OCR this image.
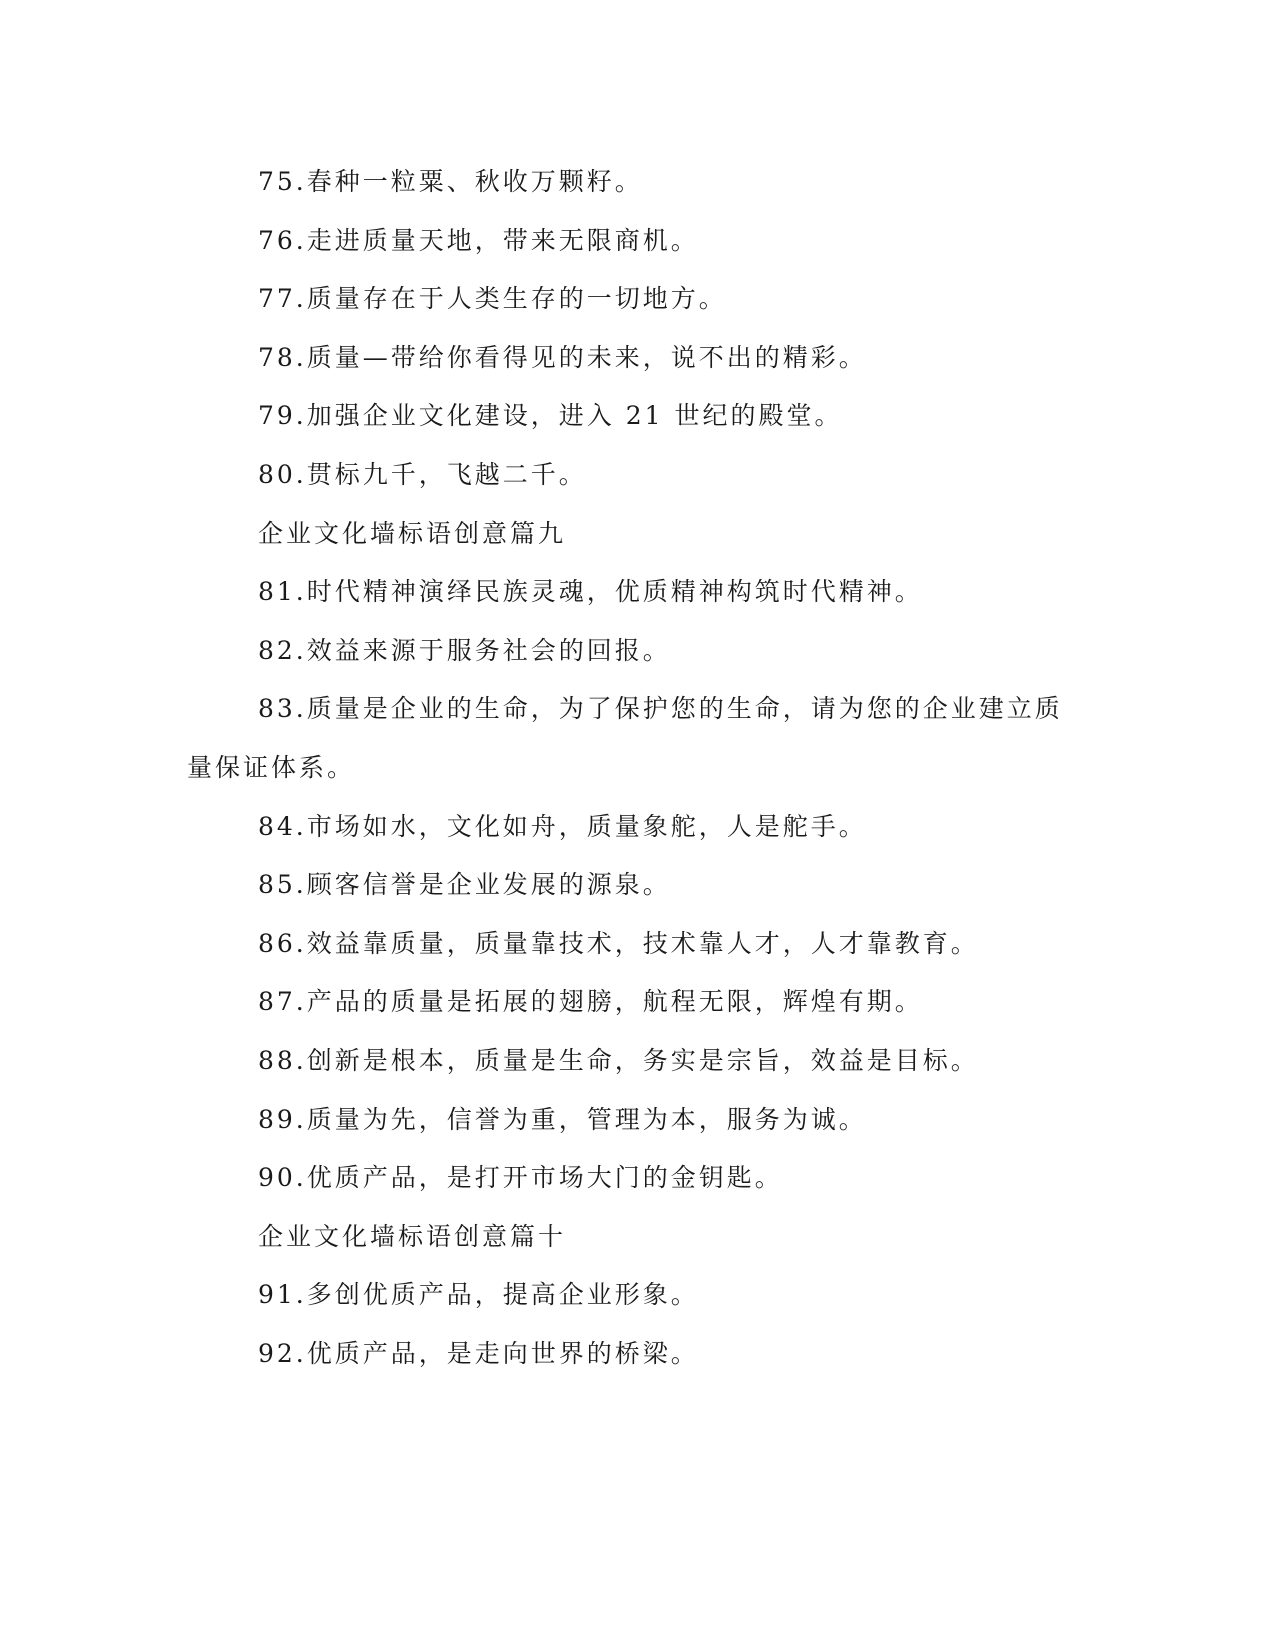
75.春种一粒粟、秋收万颗籽。
76.走进质量天地，带来无限商机。
77.质量存在于人类生存的一切地方。
78.质量—带给你看得见的未来，说不出的精彩。
79.加强企业文化建设，进入 21 世纪的殿堂。
80.贯标九千，飞越二千。
企业文化墙标语创意篇九
81.时代精神演绎民族灵魂，优质精神构筑时代精神。
82.效益来源于服务社会的回报。
83.质量是企业的生命，为了保护您的生命，请为您的企业建立质
量保证体系。
84.市场如水，文化如舟，质量象舵，人是舵手。
85.顾客信誉是企业发展的源泉。
86.效益靠质量，质量靠技术，技术靠人才，人才靠教育。
87.产品的质量是拓展的翅膀，航程无限，辉煌有期。
88.创新是根本，质量是生命，务实是宗旨，效益是目标。
89.质量为先，信誉为重，管理为本，服务为诚。
90.优质产品，是打开市场大门的金钥匙。
企业文化墙标语创意篇十
91.多创优质产品，提高企业形象。
92.优质产品，是走向世界的桥梁。
